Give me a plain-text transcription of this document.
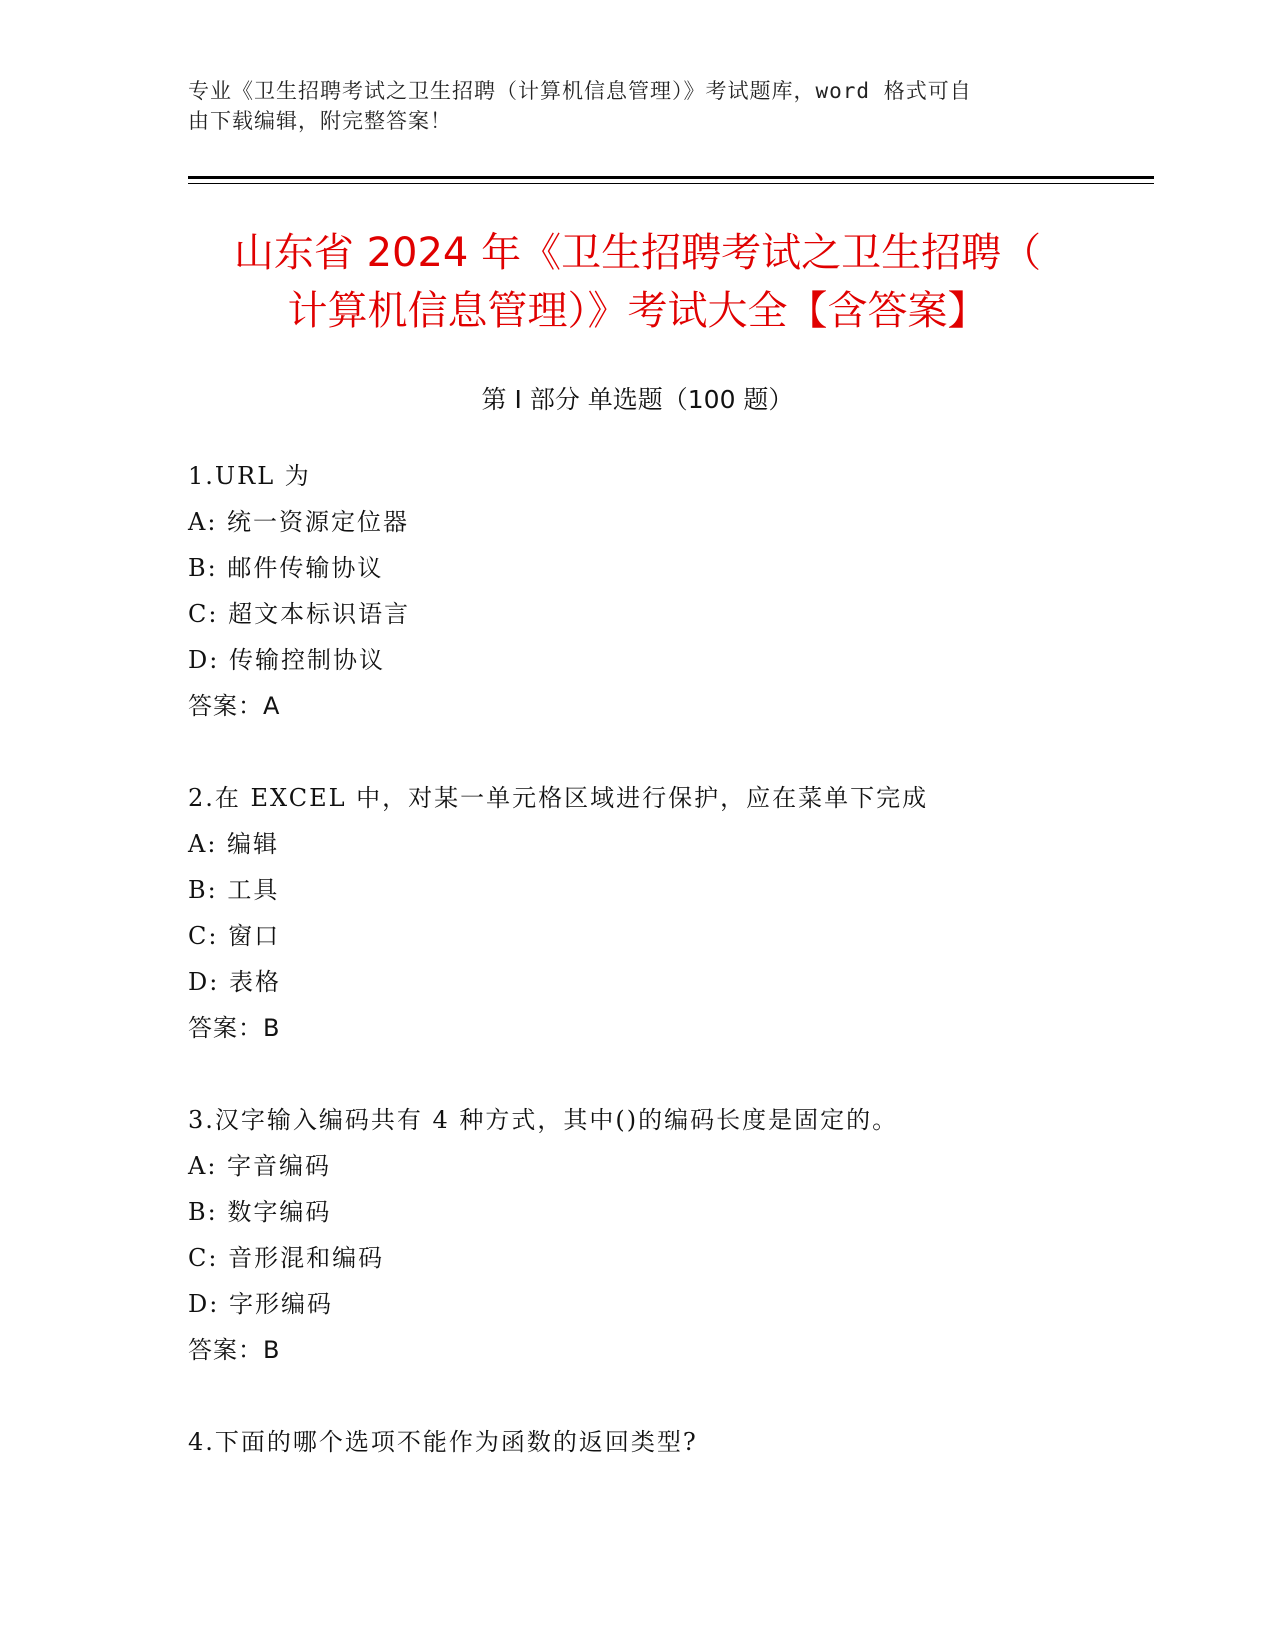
专业《卫生招聘考试之卫生招聘（计算机信息管理）》考试题库，word 格式可自
由下载编辑，附完整答案！
山东省 2024 年《卫生招聘考试之卫生招聘（
计算机信息管理）》考试大全【含答案】
第 I 部分 单选题（100 题）
1.URL 为
A: 统一资源定位器
B: 邮件传输协议
C: 超文本标识语言
D: 传输控制协议
答案：A
2.在 EXCEL 中，对某一单元格区域进行保护，应在菜单下完成
A: 编辑
B: 工具
C: 窗口
D: 表格
答案：B
3.汉字输入编码共有 4 种方式，其中()的编码长度是固定的。
A: 字音编码
B: 数字编码
C: 音形混和编码
D: 字形编码
答案：B
4.下面的哪个选项不能作为函数的返回类型?
